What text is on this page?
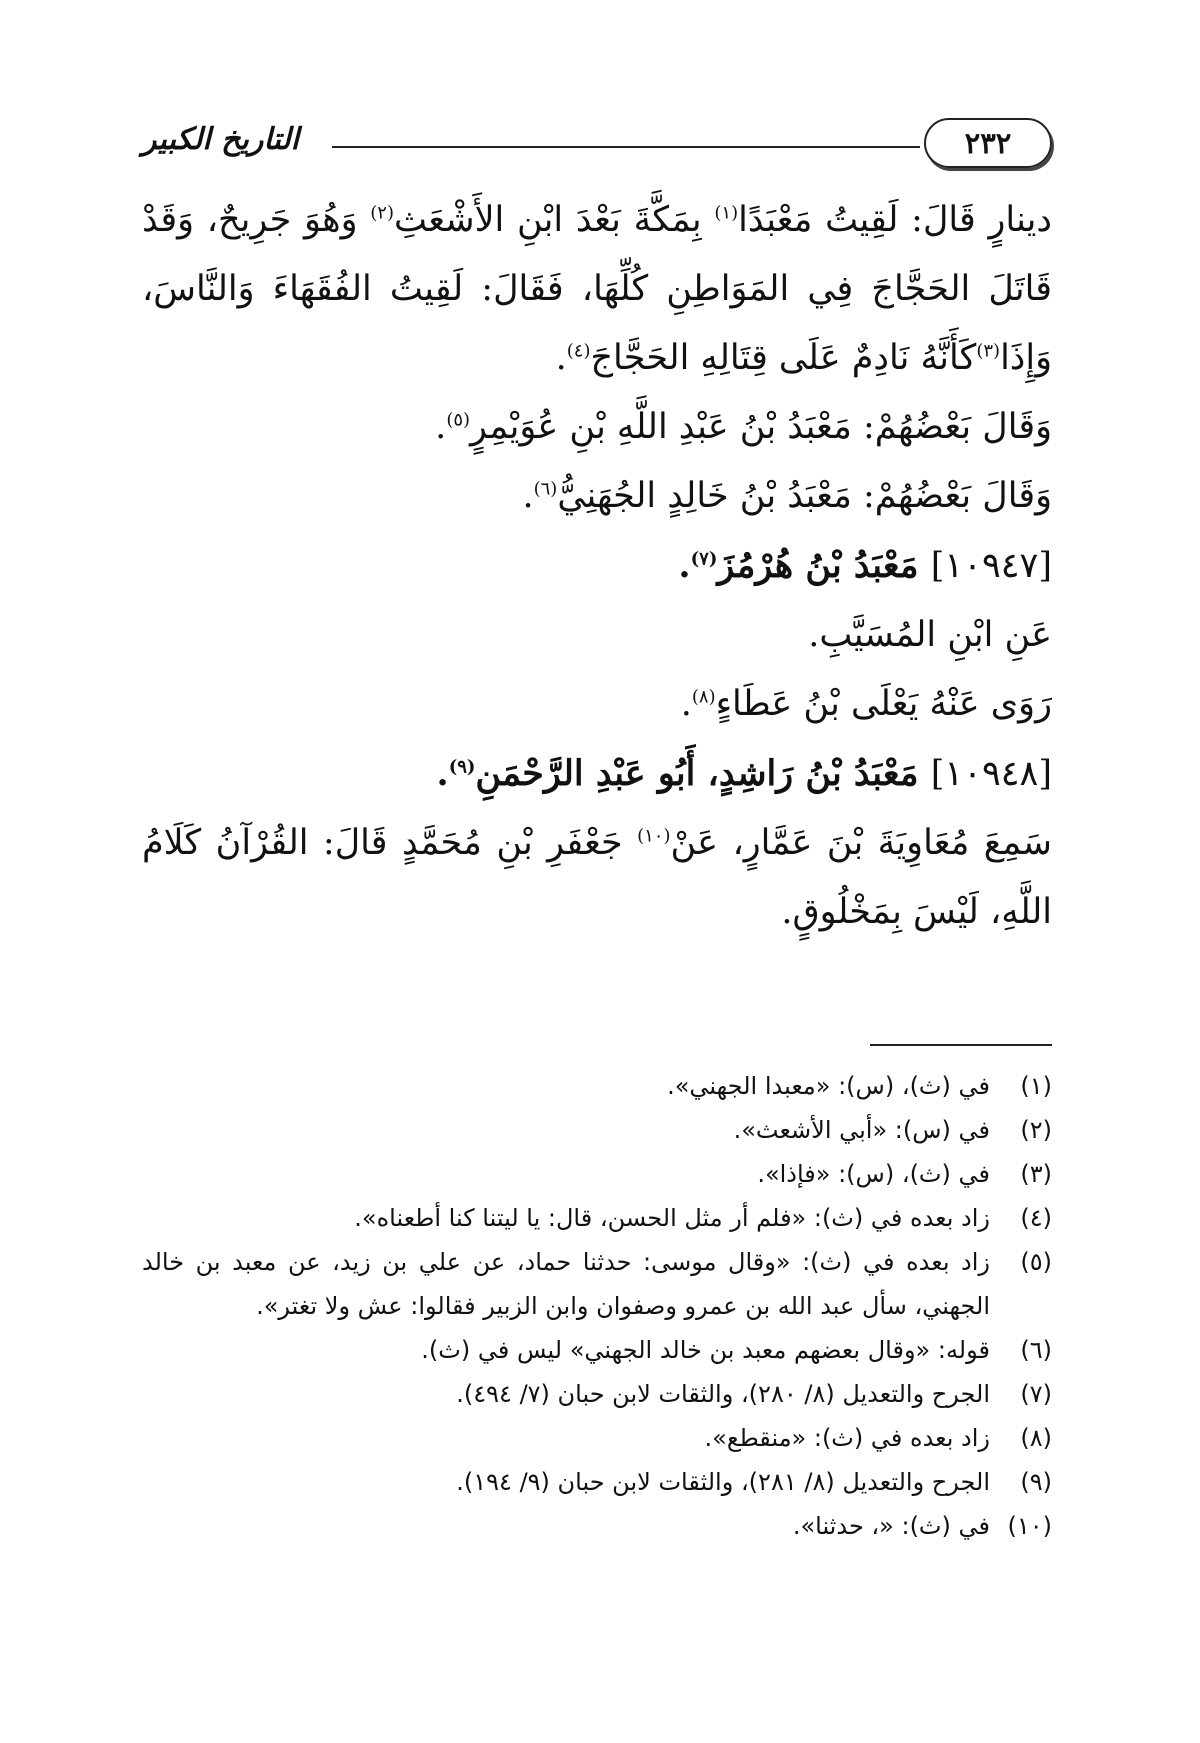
التاريخ الكبير	٢٣٢

دينارٍ قَالَ: لَقِيتُ مَعْبَدًا$^{(١)}$ بِمَكَّةَ بَعْدَ ابْنِ الأَشْعَثِ$^{(٢)}$ وَهُوَ جَرِيحٌ، وَقَدْ قَاتَلَ الحَجَّاجَ فِي المَوَاطِنِ كُلِّهَا، فَقَالَ: لَقِيتُ الفُقَهَاءَ وَالنَّاسَ، وَإِذَا$^{(٣)}$كَأَنَّهُ نَادِمٌ عَلَى قِتَالِهِ الحَجَّاجَ$^{(٤)}$.

وَقَالَ بَعْضُهُمْ: مَعْبَدُ بْنُ عَبْدِ اللَّهِ بْنِ عُوَيْمِرٍ$^{(٥)}$.

وَقَالَ بَعْضُهُمْ: مَعْبَدُ بْنُ خَالِدٍ الجُهَنِيُّ$^{(٦)}$.

[١٠٩٤٧] مَعْبَدُ بْنُ هُرْمُزَ$^{(٧)}$.

عَنِ ابْنِ المُسَيَّبِ.

رَوَى عَنْهُ يَعْلَى بْنُ عَطَاءٍ$^{(٨)}$.

[١٠٩٤٨] مَعْبَدُ بْنُ رَاشِدٍ، أَبُو عَبْدِ الرَّحْمَنِ$^{(٩)}$.

سَمِعَ مُعَاوِيَةَ بْنَ عَمَّارٍ، عَنْ$^{(١٠)}$ جَعْفَرِ بْنِ مُحَمَّدٍ قَالَ: القُرْآنُ كَلَامُ اللَّهِ، لَيْسَ بِمَخْلُوقٍ.

(١)
في (ث)، (س): «معبدا الجهني».
(٢)
في (س): «أبي الأشعث».
(٣)
في (ث)، (س): «فإذا».
(٤)
زاد بعده في (ث): «فلم أر مثل الحسن، قال: يا ليتنا كنا أطعناه».
(٥)
زاد بعده في (ث): «وقال موسى: حدثنا حماد، عن علي بن زيد، عن معبد بن خالد الجهني، سأل عبد الله بن عمرو وصفوان وابن الزبير فقالوا: عش ولا تغتر».
(٦)
قوله: «وقال بعضهم معبد بن خالد الجهني» ليس في (ث).
(٧)
الجرح والتعديل (٨/ ٢٨٠)، والثقات لابن حبان (٧/ ٤٩٤).
(٨)
زاد بعده في (ث): «منقطع».
(٩)
الجرح والتعديل (٨/ ٢٨١)، والثقات لابن حبان (٩/ ١٩٤).
(١٠)
في (ث): «، حدثنا».
